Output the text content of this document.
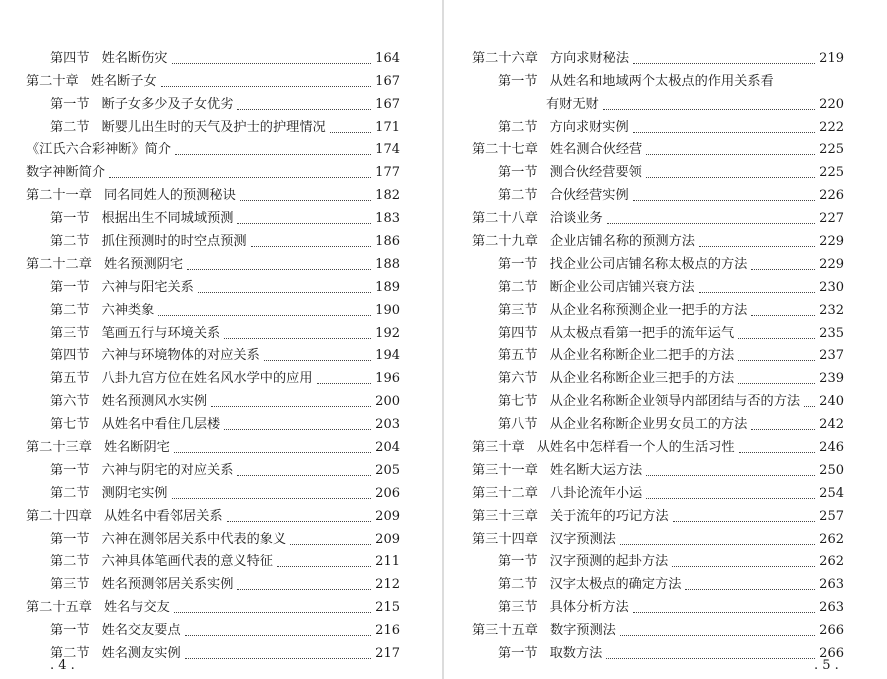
第四节 姓名断伤灾	164
第二十章 姓名断子女	167
第一节 断子女多少及子女优劣	167
第二节 断婴儿出生时的天气及护士的护理情况	171
《江氏六合彩神断》简介	174
数字神断简介	177
第二十一章 同名同姓人的预测秘诀	182
第一节 根据出生不同城域预测	183
第二节 抓住预测时的时空点预测	186
第二十二章 姓名预测阴宅	188
第一节 六神与阳宅关系	189
第二节 六神类象	190
第三节 笔画五行与环境关系	192
第四节 六神与环境物体的对应关系	194
第五节 八卦九宫方位在姓名风水学中的应用	196
第六节 姓名预测风水实例	200
第七节 从姓名中看住几层楼	203
第二十三章 姓名断阴宅	204
第一节 六神与阴宅的对应关系	205
第二节 测阴宅实例	206
第二十四章 从姓名中看邻居关系	209
第一节 六神在测邻居关系中代表的象义	209
第二节 六神具体笔画代表的意义特征	211
第三节 姓名预测邻居关系实例	212
第二十五章 姓名与交友	215
第一节 姓名交友要点	216
第二节 姓名测友实例	217
. 4 .
第二十六章 方向求财秘法	219
第一节 从姓名和地域两个太极点的作用关系看
有财无财	220
第二节 方向求财实例	222
第二十七章 姓名测合伙经营	225
第一节 测合伙经营要领	225
第二节 合伙经营实例	226
第二十八章 洽谈业务	227
第二十九章 企业店铺名称的预测方法	229
第一节 找企业公司店铺名称太极点的方法	229
第二节 断企业公司店铺兴衰方法	230
第三节 从企业名称预测企业一把手的方法	232
第四节 从太极点看第一把手的流年运气	235
第五节 从企业名称断企业二把手的方法	237
第六节 从企业名称断企业三把手的方法	239
第七节 从企业名称断企业领导内部团结与否的方法 240
第八节 从企业名称断企业男女员工的方法	242
第三十章 从姓名中怎样看一个人的生活习性	246
第三十一章 姓名断大运方法	250
第三十二章 八卦论流年小运	254
第三十三章 关于流年的巧记方法	257
第三十四章 汉字预测法	262
第一节 汉字预测的起卦方法	262
第二节 汉字太极点的确定方法	263
第三节 具体分析方法	263
第三十五章 数字预测法	266
第一节 取数方法	266
. 5 .
